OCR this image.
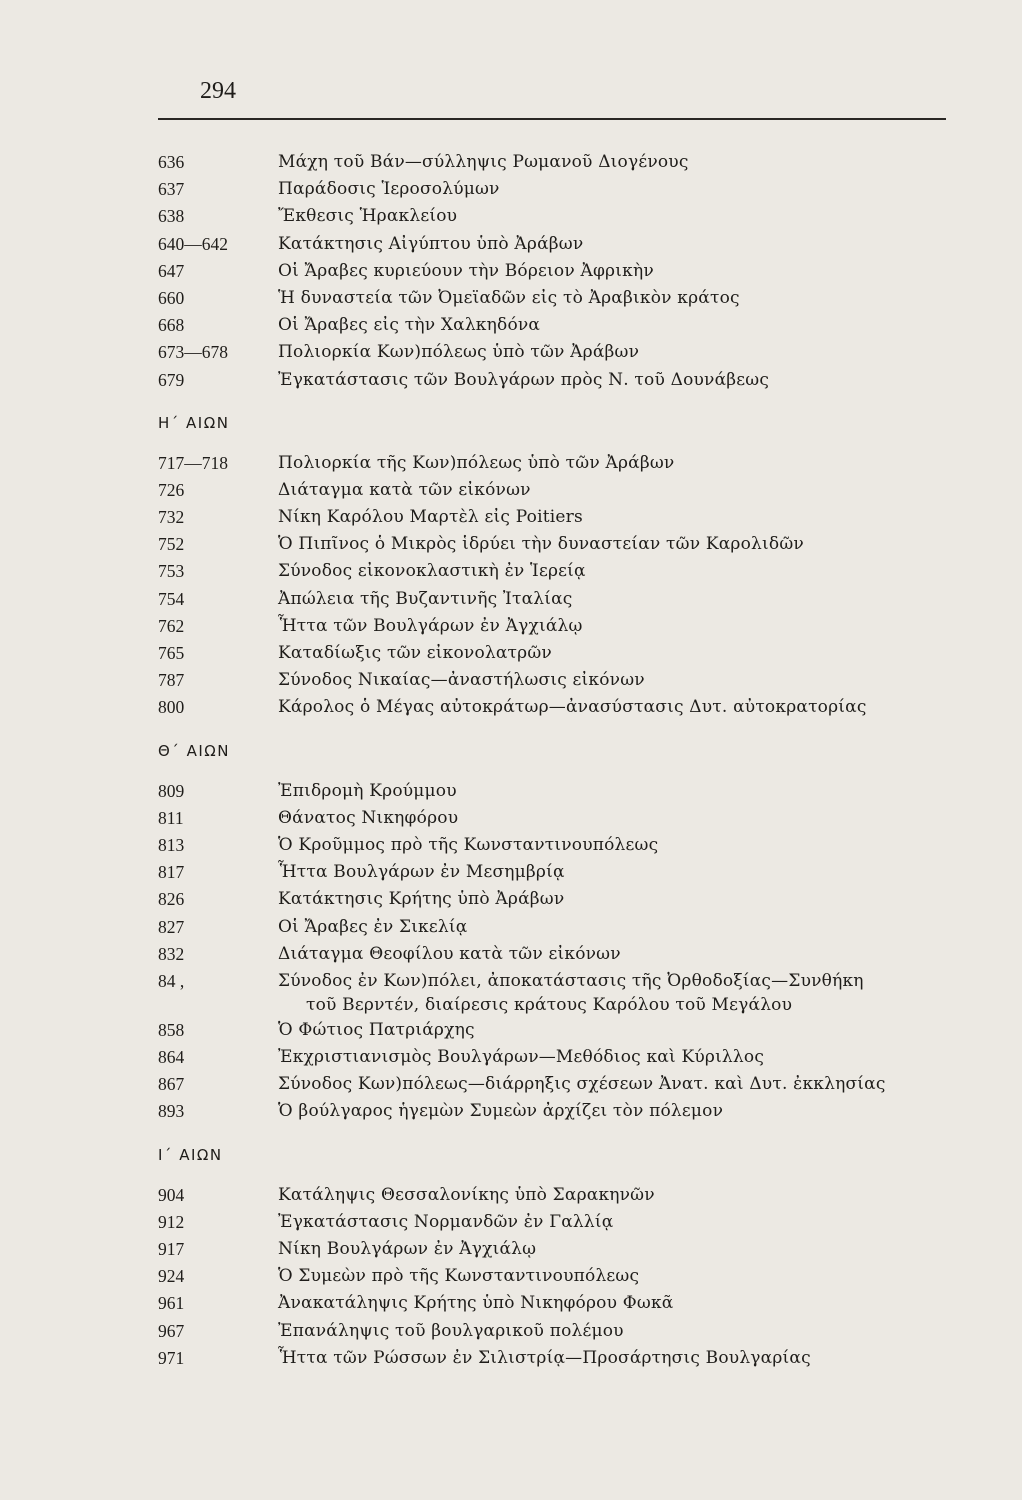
294
636	Μάχη τοῦ Βάν—σύλληψις Ρωμανοῦ Διογένους
637	Παράδοσις Ἱεροσολύμων
638	Ἔκθεσις Ἡρακλείου
640—642	Κατάκτησις Αἰγύπτου ὑπὸ Ἀράβων
647	Οἱ Ἄραβες κυριεύουν τὴν Βόρειον Ἀφρικὴν
660	Ἡ δυναστεία τῶν Ὀμεϊαδῶν εἰς τὸ Ἀραβικὸν κράτος
668	Οἱ Ἄραβες εἰς τὴν Χαλκηδόνα
673—678	Πολιορκία Κων)πόλεως ὑπὸ τῶν Ἀράβων
679	Ἐγκατάστασις τῶν Βουλγάρων πρὸς Ν. τοῦ Δουνάβεως
Η΄ ΑΙΩΝ
717—718	Πολιορκία τῆς Κων)πόλεως ὑπὸ τῶν Ἀράβων
726	Διάταγμα κατὰ τῶν εἰκόνων
732	Νίκη Καρόλου Μαρτὲλ εἰς Poitiers
752	Ὁ Πιπῖνος ὁ Μικρὸς ἱδρύει τὴν δυναστείαν τῶν Καρολιδῶν
753	Σύνοδος εἰκονοκλαστικὴ ἐν Ἱερείᾳ
754	Ἀπώλεια τῆς Βυζαντινῆς Ἰταλίας
762	Ἧττα τῶν Βουλγάρων ἐν Ἀγχιάλῳ
765	Καταδίωξις τῶν εἰκονολατρῶν
787	Σύνοδος Νικαίας—ἀναστήλωσις εἰκόνων
800	Κάρολος ὁ Μέγας αὐτοκράτωρ—ἀνασύστασις Δυτ. αὐτοκρατορίας
Θ΄ ΑΙΩΝ
809	Ἐπιδρομὴ Κρούμμου
811	Θάνατος Νικηφόρου
813	Ὁ Κροῦμμος πρὸ τῆς Κωνσταντινουπόλεως
817	Ἧττα Βουλγάρων ἐν Μεσημβρίᾳ
826	Κατάκτησις Κρήτης ὑπὸ Ἀράβων
827	Οἱ Ἄραβες ἐν Σικελίᾳ
832	Διάταγμα Θεοφίλου κατὰ τῶν εἰκόνων
84 ,	Σύνοδος ἐν Κων)πόλει, ἀποκατάστασις τῆς Ὀρθοδοξίας—Συνθήκη
τοῦ Βερντέν, διαίρεσις κράτους Καρόλου τοῦ Μεγάλου
858	Ὁ Φώτιος Πατριάρχης
864	Ἐκχριστιανισμὸς Βουλγάρων—Μεθόδιος καὶ Κύριλλος
867	Σύνοδος Κων)πόλεως—διάρρηξις σχέσεων Ἀνατ. καὶ Δυτ. ἐκκλησίας
893	Ὁ βούλγαρος ἡγεμὼν Συμεὼν ἀρχίζει τὸν πόλεμον
Ι΄ ΑΙΩΝ
904	Κατάληψις Θεσσαλονίκης ὑπὸ Σαρακηνῶν
912	Ἐγκατάστασις Νορμανδῶν ἐν Γαλλίᾳ
917	Νίκη Βουλγάρων ἐν Ἀγχιάλῳ
924	Ὁ Συμεὼν πρὸ τῆς Κωνσταντινουπόλεως
961	Ἀνακατάληψις Κρήτης ὑπὸ Νικηφόρου Φωκᾶ
967	Ἐπανάληψις τοῦ βουλγαρικοῦ πολέμου
971	Ἧττα τῶν Ρώσσων ἐν Σιλιστρίᾳ—Προσάρτησις Βουλγαρίας
